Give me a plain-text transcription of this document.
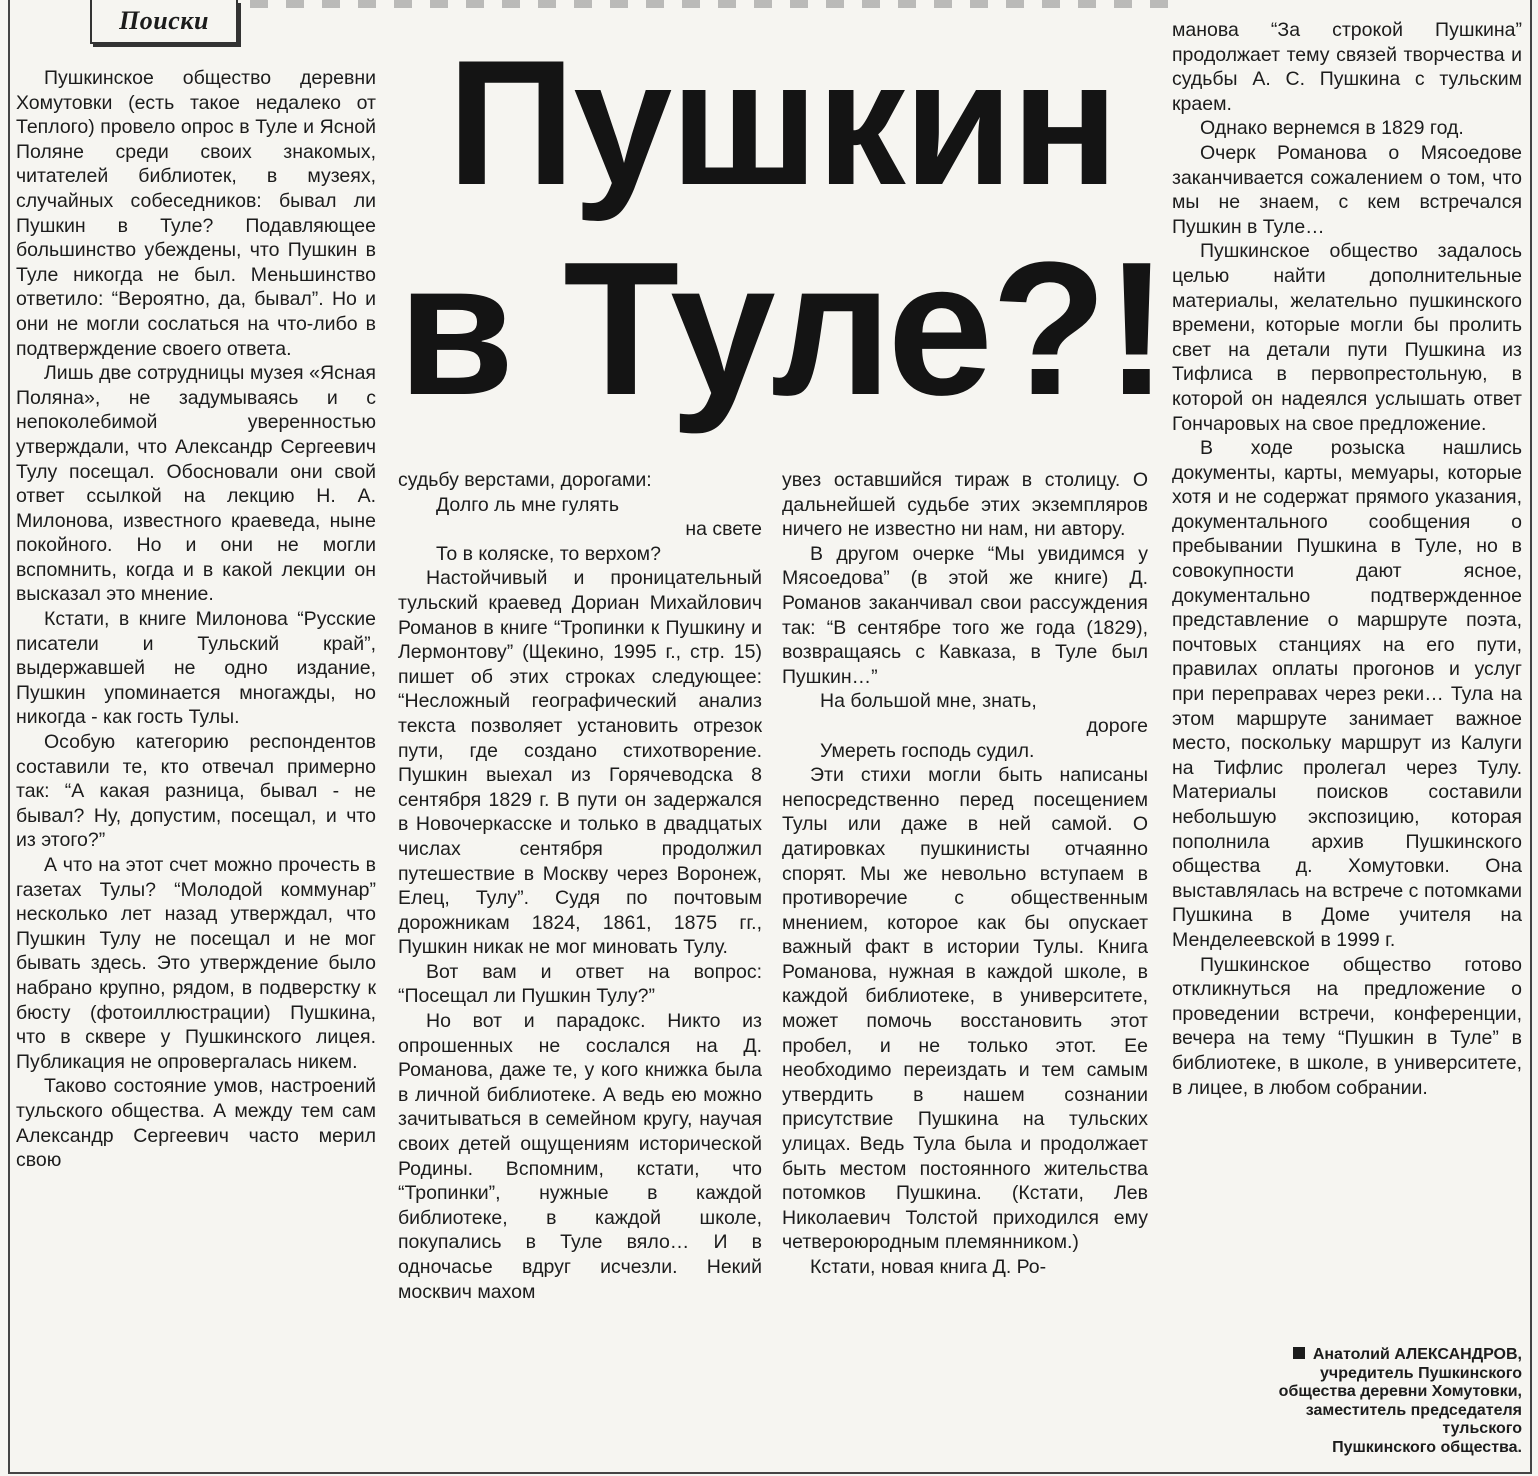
Поиски
Пушкин
в Туле?!

Пушкинское общество деревни Хомутовки (есть такое недалеко от Теплого) провело опрос в Туле и Ясной Поляне среди своих знакомых, читателей библиотек, в музеях, случайных собеседников: бывал ли Пушкин в Туле? Подавляющее большинство убеждены, что Пушкин в Туле никогда не был. Меньшинство ответило: “Вероятно, да, бывал”. Но и они не могли сослаться на что-либо в подтверждение своего ответа.

Лишь две сотрудницы музея «Ясная Поляна», не задумываясь и с непоколебимой уверенностью утверждали, что Александр Сергеевич Тулу посещал. Обосновали они свой ответ ссылкой на лекцию Н. А. Милонова, известного краеведа, ныне покойного. Но и они не могли вспомнить, когда и в какой лекции он высказал это мнение.

Кстати, в книге Милонова “Русские писатели и Тульский край”, выдержавшей не одно издание, Пушкин упоминается многажды, но никогда - как гость Тулы.

Особую категорию респондентов составили те, кто отвечал примерно так: “А какая разница, бывал - не бывал? Ну, допустим, посещал, и что из этого?”

А что на этот счет можно прочесть в газетах Тулы? “Молодой коммунар” несколько лет назад утверждал, что Пушкин Тулу не посещал и не мог бывать здесь. Это утверждение было набрано крупно, рядом, в подверстку к бюсту (фотоиллюстрации) Пушкина, что в сквере у Пушкинского лицея. Публикация не опровергалась никем.

Таково состояние умов, настроений тульского общества. А между тем сам Александр Сергеевич часто мерил свою

судьбу верстами, дорогами:

Долго ль мне гулять

на свете

То в коляске, то верхом?

Настойчивый и проницательный тульский краевед Дориан Михайлович Романов в книге “Тропинки к Пушкину и Лермонтову” (Щекино, 1995 г., стр. 15) пишет об этих строках следующее: “Несложный географический анализ текста позволяет установить отрезок пути, где создано стихотворение. Пушкин выехал из Горячеводска 8 сентября 1829 г. В пути он задержался в Новочеркасске и только в двадцатых числах сентября продолжил путешествие в Москву через Воронеж, Елец, Тулу”. Судя по почтовым дорожникам 1824, 1861, 1875 гг., Пушкин никак не мог миновать Тулу.

Вот вам и ответ на вопрос: “Посещал ли Пушкин Тулу?”

Но вот и парадокс. Никто из опрошенных не сослался на Д. Романова, даже те, у кого книжка была в личной библиотеке. А ведь ею можно зачитываться в семейном кругу, научая своих детей ощущениям исторической Родины. Вспомним, кстати, что “Тропинки”, нужные в каждой библиотеке, в каждой школе, покупались в Туле вяло… И в одночасье вдруг исчезли. Некий москвич махом

увез оставшийся тираж в столицу. О дальнейшей судьбе этих экземпляров ничего не известно ни нам, ни автору.

В другом очерке “Мы увидимся у Мясоедова” (в этой же книге) Д. Романов заканчивал свои рассуждения так: “В сентябре того же года (1829), возвращаясь с Кавказа, в Туле был Пушкин…”

На большой мне, знать,

дороге

Умереть господь судил.

Эти стихи могли быть написаны непосредственно перед посещением Тулы или даже в ней самой. О датировках пушкинисты отчаянно спорят. Мы же невольно вступаем в противоречие с общественным мнением, которое как бы опускает важный факт в истории Тулы. Книга Романова, нужная в каждой школе, в каждой библиотеке, в университете, может помочь восстановить этот пробел, и не только этот. Ее необходимо переиздать и тем самым утвердить в нашем сознании присутствие Пушкина на тульских улицах. Ведь Тула была и продолжает быть местом постоянного жительства потомков Пушкина. (Кстати, Лев Николаевич Толстой приходился ему четвероюродным племянником.)

Кстати, новая книга Д. Ро-

манова “За строкой Пушкина” продолжает тему связей творчества и судьбы А. С. Пушкина с тульским краем.

Однако вернемся в 1829 год.

Очерк Романова о Мясоедове заканчивается сожалением о том, что мы не знаем, с кем встречался Пушкин в Туле…

Пушкинское общество задалось целью найти дополнительные материалы, желательно пушкинского времени, которые могли бы пролить свет на детали пути Пушкина из Тифлиса в первопрестольную, в которой он надеялся услышать ответ Гончаровых на свое предложение.

В ходе розыска нашлись документы, карты, мемуары, которые хотя и не содержат прямого указания, документального сообщения о пребывании Пушкина в Туле, но в совокупности дают ясное, документально подтвержденное представление о маршруте поэта, почтовых станциях на его пути, правилах оплаты прогонов и услуг при переправах через реки… Тула на этом маршруте занимает важное место, поскольку маршрут из Калуги на Тифлис пролегал через Тулу. Материалы поисков составили небольшую экспозицию, которая пополнила архив Пушкинского общества д. Хомутовки. Она выставлялась на встрече с потомками Пушкина в Доме учителя на Менделеевской в 1999 г.

Пушкинское общество готово откликнуться на предложение о проведении встречи, конференции, вечера на тему “Пушкин в Туле” в библиотеке, в школе, в университете, в лицее, в любом собрании.

Анатолий АЛЕКСАНДРОВ,
учредитель Пушкинского
общества деревни Хомутовки,
заместитель председателя
тульского
Пушкинского общества.
